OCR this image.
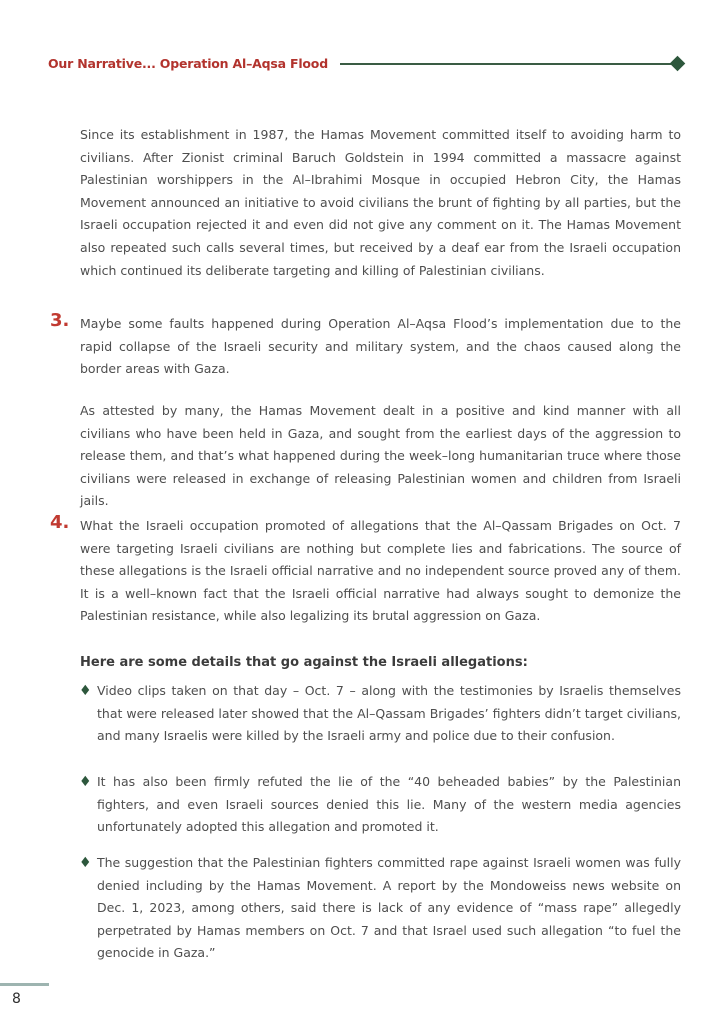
Our Narrative... Operation Al–Aqsa Flood

Since its establishment in 1987, the Hamas Movement committed itself to avoiding harm to civilians. After Zionist criminal Baruch Goldstein in 1994 committed a massacre against Palestinian worshippers in the Al–Ibrahimi Mosque in occupied Hebron City, the Hamas Movement announced an initiative to avoid civilians the brunt of fighting by all parties, but the Israeli occupation rejected it and even did not give any comment on it. The Hamas Movement also repeated such calls several times, but received by a deaf ear from the Israeli occupation which continued its deliberate targeting and killing of Palestinian civilians.

3. Maybe some faults happened during Operation Al–Aqsa Flood’s implementation due to the rapid collapse of the Israeli security and military system, and the chaos caused along the border areas with Gaza.

As attested by many, the Hamas Movement dealt in a positive and kind manner with all civilians who have been held in Gaza, and sought from the earliest days of the aggression to release them, and that’s what happened during the week–long humanitarian truce where those civilians were released in exchange of releasing Palestinian women and children from Israeli jails.

4. What the Israeli occupation promoted of allegations that the Al–Qassam Brigades on Oct. 7 were targeting Israeli civilians are nothing but complete lies and fabrications. The source of these allegations is the Israeli official narrative and no independent source proved any of them. It is a well–known fact that the Israeli official narrative had always sought to demonize the Palestinian resistance, while also legalizing its brutal aggression on Gaza.

Here are some details that go against the Israeli allegations:
♦ Video clips taken on that day – Oct. 7 – along with the testimonies by Israelis themselves that were released later showed that the Al–Qassam Brigades’ fighters didn’t target civilians, and many Israelis were killed by the Israeli army and police due to their confusion.

♦ It has also been firmly refuted the lie of the “40 beheaded babies” by the Palestinian fighters, and even Israeli sources denied this lie. Many of the western media agencies unfortunately adopted this allegation and promoted it.

♦ The suggestion that the Palestinian fighters committed rape against Israeli women was fully denied including by the Hamas Movement. A report by the Mondoweiss news website on Dec. 1, 2023, among others, said there is lack of any evidence of “mass rape” allegedly perpetrated by Hamas members on Oct. 7 and that Israel used such allegation “to fuel the genocide in Gaza.”

8
